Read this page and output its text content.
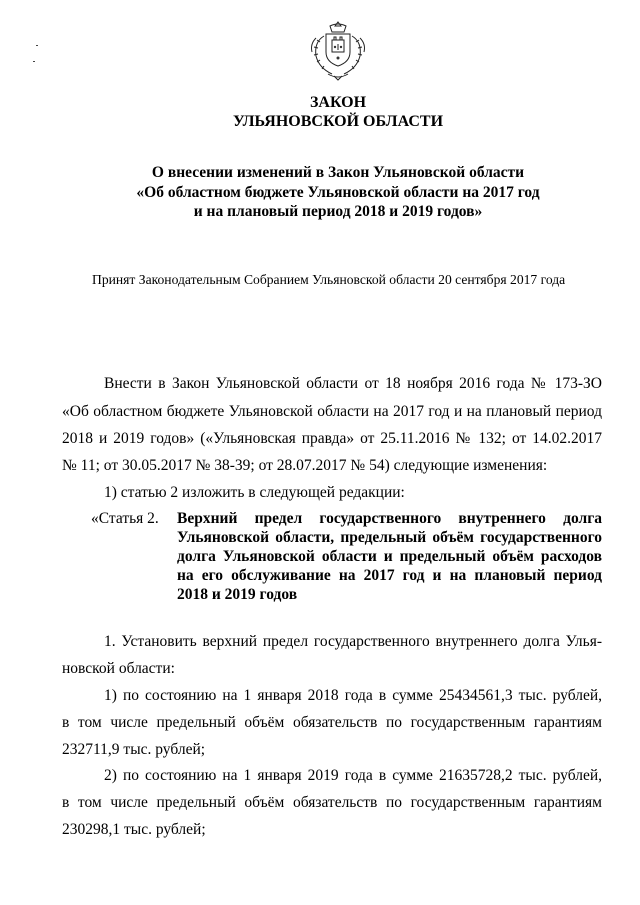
ЗАКОН
УЛЬЯНОВСКОЙ ОБЛАСТИ
О внесении изменений в Закон Ульяновской области
«Об областном бюджете Ульяновской области на 2017 год
и на плановый период 2018 и 2019 годов»
Принят Законодательным Собранием Ульяновской области 20 сентября 2017 года
Внести в Закон Ульяновской области от 18 ноября 2016 года № 173-ЗО
«Об областном бюджете Ульяновской области на 2017 год и на плановый период
2018 и 2019 годов» («Ульяновская правда» от 25.11.2016 № 132; от 14.02.2017
№ 11; от 30.05.2017 № 38-39; от 28.07.2017 № 54) следующие изменения:
1) статью 2 изложить в следующей редакции:
«Статья 2. Верхний предел государственного внутреннего долга
Ульяновской области, предельный объём государственного
долга Ульяновской области и предельный объём расходов
на его обслуживание на 2017 год и на плановый период
2018 и 2019 годов
1. Установить верхний предел государственного внутреннего долга Улья-
новской области:
1) по состоянию на 1 января 2018 года в сумме 25434561,3 тыс. рублей,
в том числе предельный объём обязательств по государственным гарантиям
232711,9 тыс. рублей;
2) по состоянию на 1 января 2019 года в сумме 21635728,2 тыс. рублей,
в том числе предельный объём обязательств по государственным гарантиям
230298,1 тыс. рублей;
